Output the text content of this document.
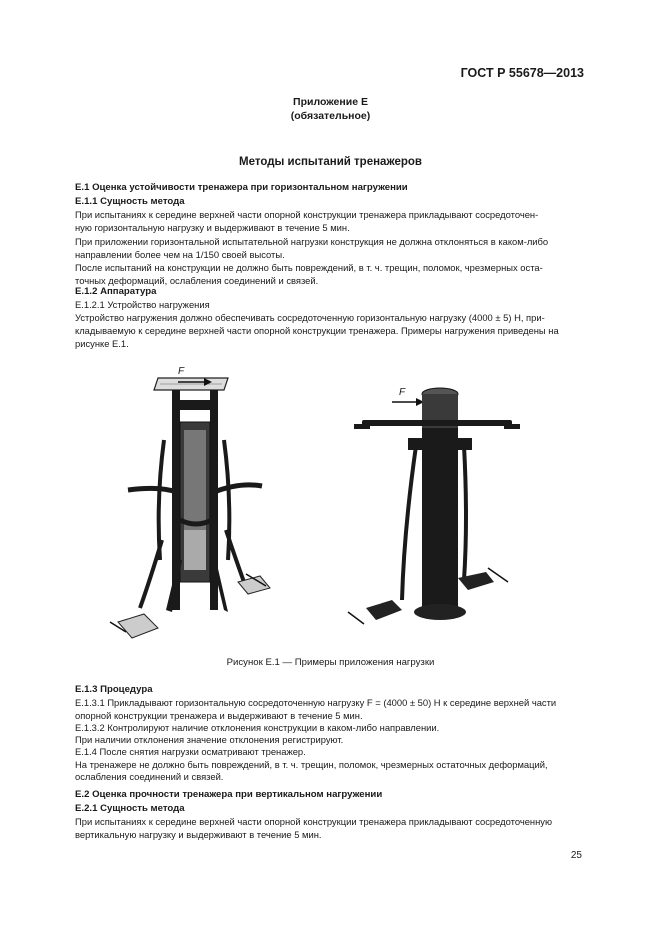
ГОСТ Р 55678—2013
Приложение Е
(обязательное)
Методы испытаний тренажеров
Е.1 Оценка устойчивости тренажера при горизонтальном нагружении
Е.1.1 Сущность метода
При испытаниях к середине верхней части опорной конструкции тренажера прикладывают сосредоточен-
ную горизонтальную нагрузку и выдерживают в течение 5 мин.
При приложении горизонтальной испытательной нагрузки конструкция не должна отклоняться в каком-либо
направлении более чем на 1/150 своей высоты.
После испытаний на конструкции не должно быть повреждений, в т. ч. трещин, поломок, чрезмерных оста-
точных деформаций, ослабления соединений и связей.
Е.1.2 Аппаратура
Е.1.2.1 Устройство нагружения
Устройство нагружения должно обеспечивать сосредоточенную горизонтальную нагрузку (4000 ± 5) Н, при-
кладываемую к середине верхней части опорной конструкции тренажера. Примеры нагружения приведены на
рисунке Е.1.
F
F
Рисунок Е.1 — Примеры приложения нагрузки
Е.1.3 Процедура
Е.1.3.1 Прикладывают горизонтальную сосредоточенную нагрузку F = (4000 ± 50) Н к середине верхней части
опорной конструкции тренажера и выдерживают в течение 5 мин.
Е.1.3.2 Контролируют наличие отклонения конструкции в каком-либо направлении.
При наличии отклонения значение отклонения регистрируют.
Е.1.4 После снятия нагрузки осматривают тренажер.
На тренажере не должно быть повреждений, в т. ч. трещин, поломок, чрезмерных остаточных деформаций,
ослабления соединений и связей.
Е.2 Оценка прочности тренажера при вертикальном нагружении
Е.2.1 Сущность метода
При испытаниях к середине верхней части опорной конструкции тренажера прикладывают сосредоточенную
вертикальную нагрузку и выдерживают в течение 5 мин.
25
